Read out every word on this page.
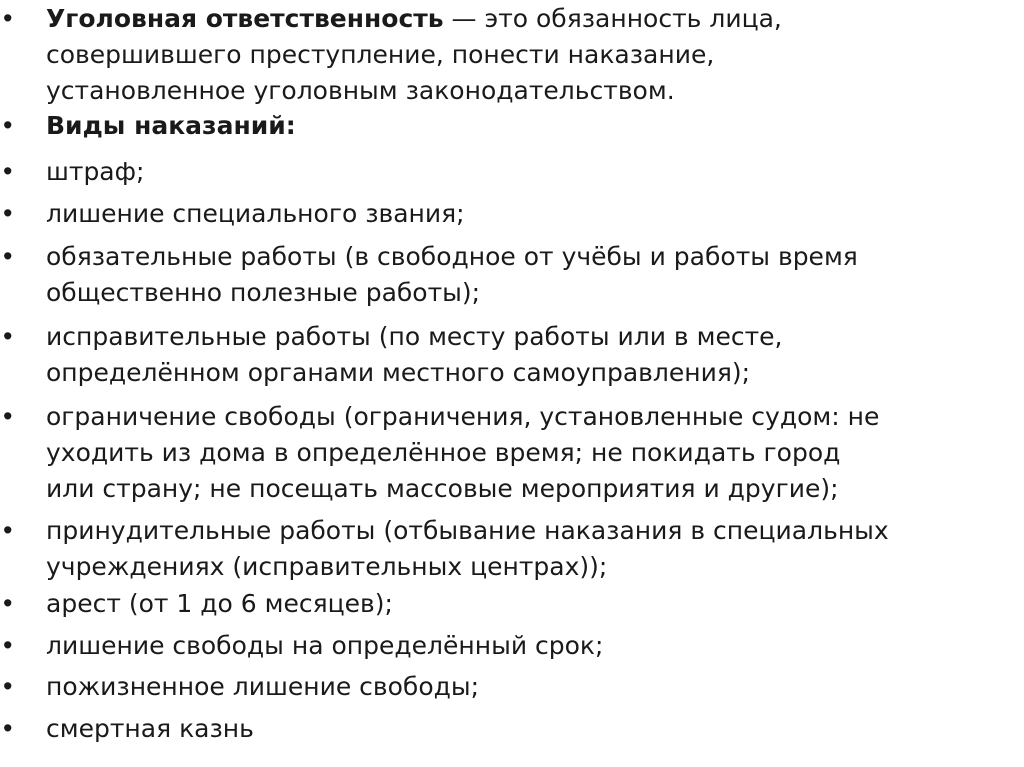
• Уголовная ответственность — это обязанность лица,
совершившего преступление, понести наказание,
установленное уголовным законодательством.

• Виды наказаний:

• штраф;

• лишение специального звания;

• обязательные работы (в свободное от учёбы и работы время
общественно полезные работы);

• исправительные работы (по месту работы или в месте,
определённом органами местного самоуправления);

• ограничение свободы (ограничения, установленные судом: не
уходить из дома в определённое время; не покидать город
или страну; не посещать массовые мероприятия и другие);

• принудительные работы (отбывание наказания в специальных
учреждениях (исправительных центрах));

• арест (от 1 до 6 месяцев);

• лишение свободы на определённый срок;

• пожизненное лишение свободы;

• смертная казнь
